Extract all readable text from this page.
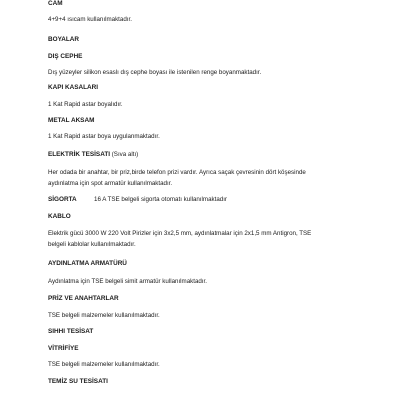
CAM
4+9+4 ısıcam kullanılmaktadır.
BOYALAR
DIŞ CEPHE
Dış yüzeyler silikon esaslı dış cephe boyası ile istenilen renge boyanmaktadır.
KAPI KASALARI
1 Kat Rapid astar boyalıdır.
METAL AKSAM
1 Kat Rapid astar boya uygulanmaktadır.
ELEKTRİK TESİSATI (Sıva altı)
Her odada bir anahtar, bir priz,birde telefon prizi vardır. Ayrıca saçak çevresinin dört köşesinde
aydınlatma için spot armatür kullanılmaktadır.
SİGORTA	16 A TSE belgeli sigorta otomatı kullanılmaktadır
KABLO
Elektrik gücü 3000 W 220 Volt Pirizler için 3x2,5 mm, aydınlatmalar için 2x1,5 mm Antigron, TSE
belgeli kablolar kullanılmaktadır.
AYDINLATMA ARMATÜRÜ
Aydınlatma için TSE belgeli simit armatür kullanılmaktadır.
PRİZ VE ANAHTARLAR
TSE belgeli malzemeler kullanılmaktadır.
SIHHI TESİSAT
VİTRİFİYE
TSE belgeli malzemeler kullanılmaktadır.
TEMİZ SU TESİSATI
